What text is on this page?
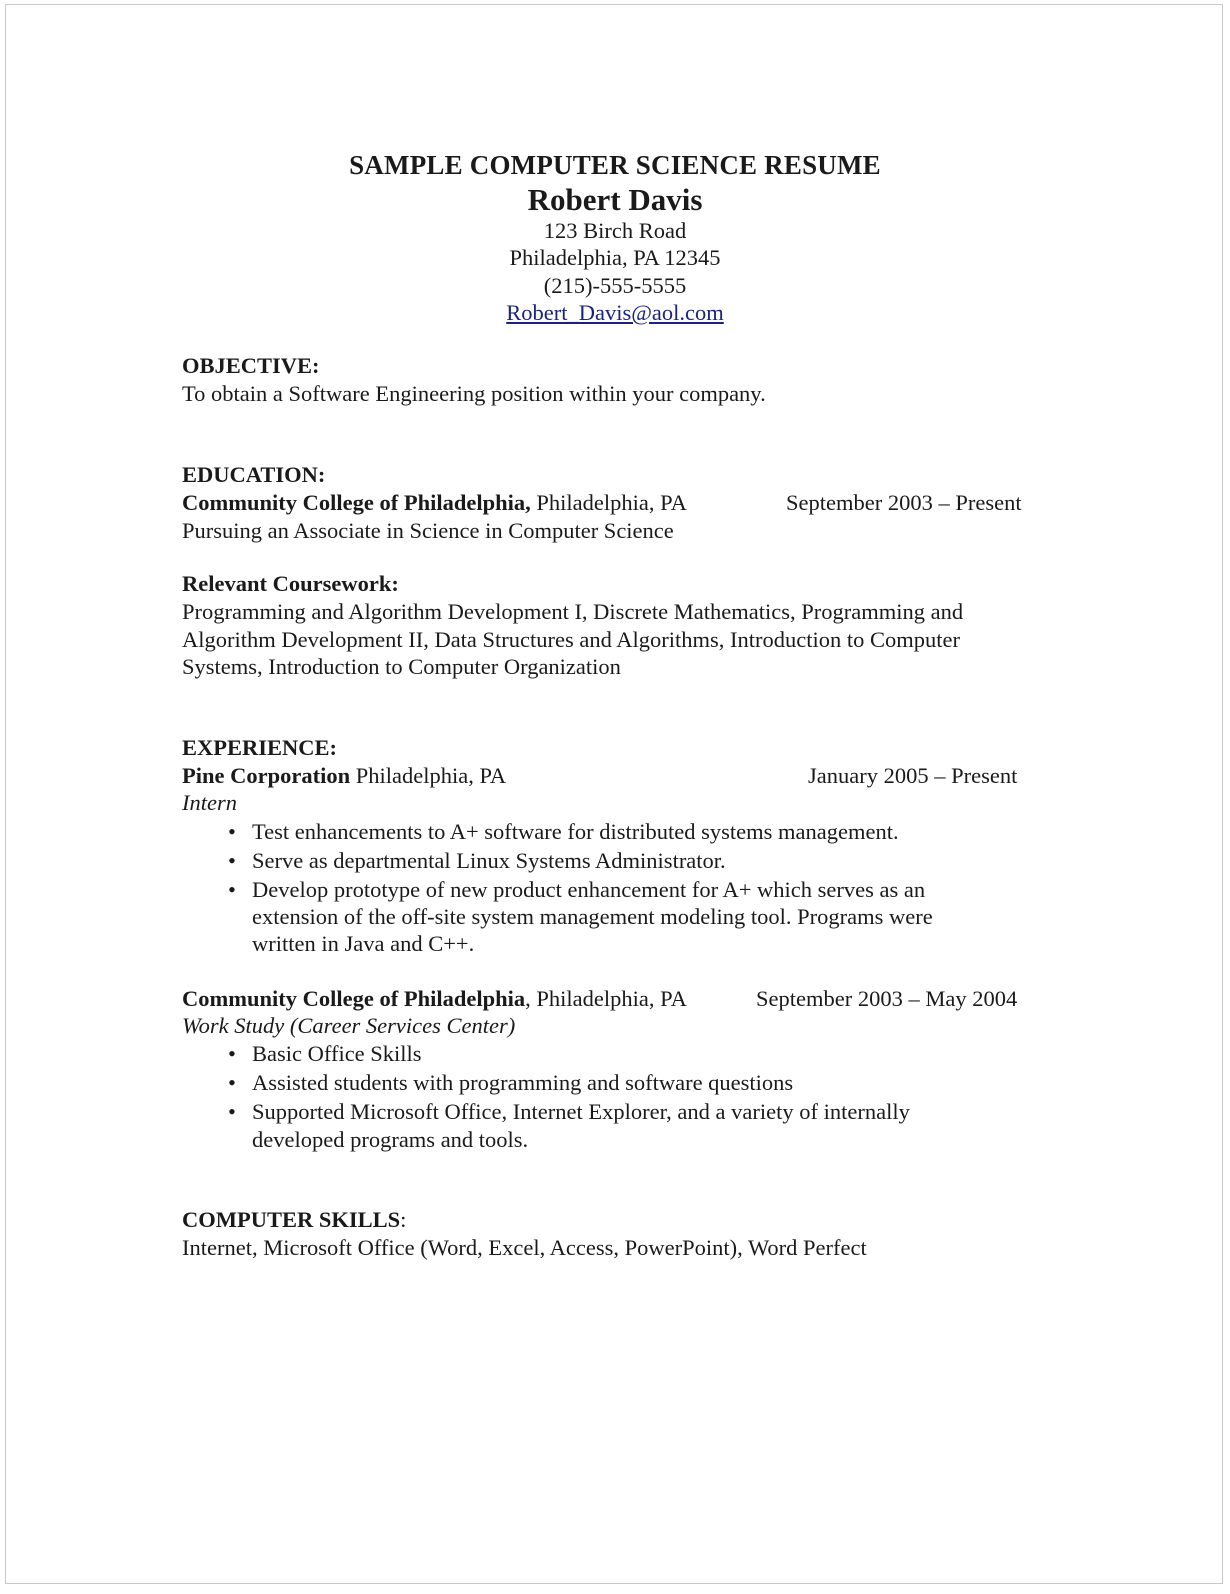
SAMPLE COMPUTER SCIENCE RESUME
Robert Davis
123 Birch Road
Philadelphia, PA 12345
(215)-555-5555
Robert_Davis@aol.com
OBJECTIVE:
To obtain a Software Engineering position within your company.
EDUCATION:
Community College of Philadelphia, Philadelphia, PA	September 2003 – Present
Pursuing an Associate in Science in Computer Science
Relevant Coursework:
Programming and Algorithm Development I, Discrete Mathematics, Programming and
Algorithm Development II, Data Structures and Algorithms, Introduction to Computer
Systems, Introduction to Computer Organization
EXPERIENCE:
Pine Corporation Philadelphia, PA	January 2005 – Present
Intern
• Test enhancements to A+ software for distributed systems management.
• Serve as departmental Linux Systems Administrator.
• Develop prototype of new product enhancement for A+ which serves as an
extension of the off-site system management modeling tool. Programs were
written in Java and C++.
Community College of Philadelphia, Philadelphia, PA	September 2003 – May 2004
Work Study (Career Services Center)
• Basic Office Skills
• Assisted students with programming and software questions
• Supported Microsoft Office, Internet Explorer, and a variety of internally
developed programs and tools.
COMPUTER SKILLS:
Internet, Microsoft Office (Word, Excel, Access, PowerPoint), Word Perfect
